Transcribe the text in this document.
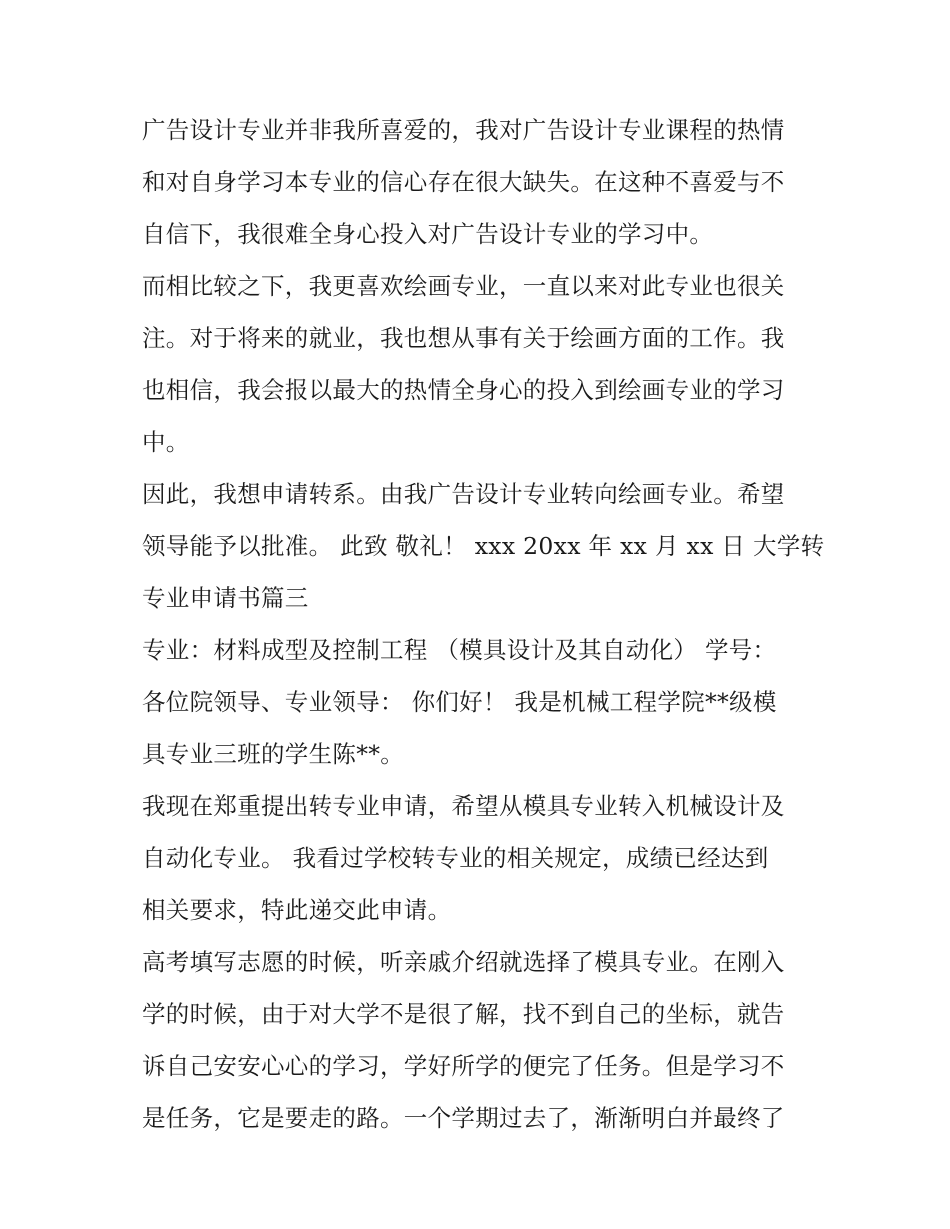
广告设计专业并非我所喜爱的，我对广告设计专业课程的热情
和对自身学习本专业的信心存在很大缺失。在这种不喜爱与不
自信下，我很难全身心投入对广告设计专业的学习中。
而相比较之下，我更喜欢绘画专业，一直以来对此专业也很关
注。对于将来的就业，我也想从事有关于绘画方面的工作。我
也相信，我会报以最大的热情全身心的投入到绘画专业的学习
中。
因此，我想申请转系。由我广告设计专业转向绘画专业。希望
领导能予以批准。 此致 敬礼！ xxx 20xx 年 xx 月 xx 日 大学转
专业申请书篇三
专业：材料成型及控制工程 （模具设计及其自动化） 学号：
各位院领导、专业领导： 你们好！ 我是机械工程学院**级模
具专业三班的学生陈**。
我现在郑重提出转专业申请，希望从模具专业转入机械设计及
自动化专业。 我看过学校转专业的相关规定，成绩已经达到
相关要求，特此递交此申请。
高考填写志愿的时候，听亲戚介绍就选择了模具专业。在刚入
学的时候，由于对大学不是很了解，找不到自己的坐标，就告
诉自己安安心心的学习，学好所学的便完了任务。但是学习不
是任务，它是要走的路。一个学期过去了，渐渐明白并最终了
